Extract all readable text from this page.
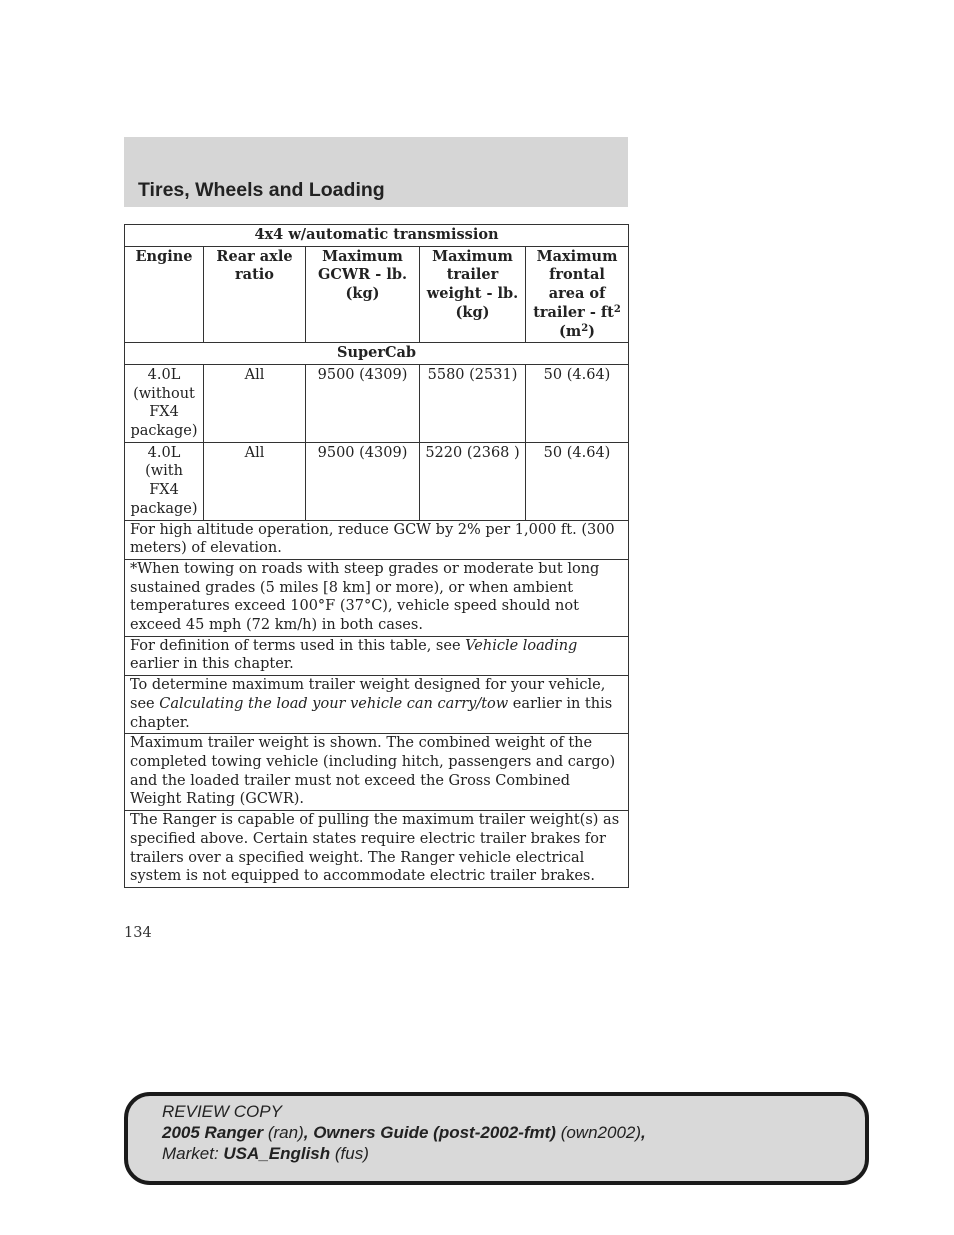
Tires, Wheels and Loading
4x4 w/automatic transmission				
Engine	Rear axle ratio	Maximum GCWR - lb. (kg)	Maximum trailer weight - lb. (kg)	Maximum frontal area of trailer - $ft^2$ $(m^2)$
SuperCab				
4.0L (without FX4 package)	All	9500 (4309)	5580 (2531)	50 (4.64)
4.0L (with FX4 package)	All	9500 (4309)	5220 (2368 )	50 (4.64)
For high altitude operation, reduce GCW by 2% per 1,000 ft. (300 meters) of elevation.				
*When towing on roads with steep grades or moderate but long sustained grades (5 miles [8 km] or more), or when ambient temperatures exceed 100°F (37°C), vehicle speed should not exceed 45 mph (72 km/h) in both cases.				
For definition of terms used in this table, see Vehicle loading earlier in this chapter.				
To determine maximum trailer weight designed for your vehicle, see Calculating the load your vehicle can carry/tow earlier in this chapter.				
Maximum trailer weight is shown. The combined weight of the completed towing vehicle (including hitch, passengers and cargo) and the loaded trailer must not exceed the Gross Combined Weight Rating (GCWR).				
The Ranger is capable of pulling the maximum trailer weight(s) as specified above. Certain states require electric trailer brakes for trailers over a specified weight. The Ranger vehicle electrical system is not equipped to accommodate electric trailer brakes.				
134
REVIEW COPY
2005 Ranger (ran), Owners Guide (post-2002-fmt) (own2002),
Market: USA_English (fus)
